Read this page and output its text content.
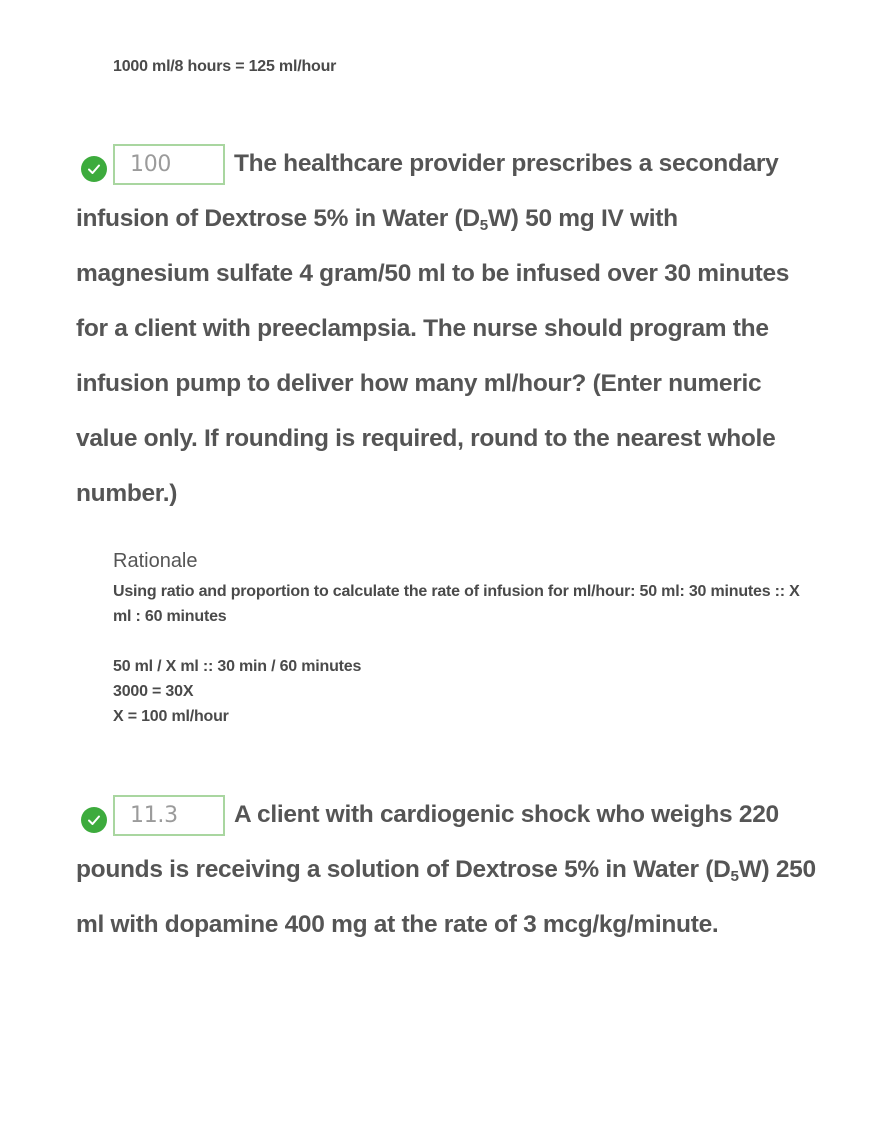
1000 ml/8 hours = 125 ml/hour
100	The healthcare provider prescribes a secondary infusion of Dextrose 5% in Water $(D_5W)$ 50 mg IV with magnesium sulfate 4 gram/50 ml to be infused over 30 minutes for a client with preeclampsia. The nurse should program the infusion pump to deliver how many ml/hour? (Enter numeric value only. If rounding is required, round to the nearest whole number.)
Rationale
Using ratio and proportion to calculate the rate of infusion for ml/hour: 50 ml: 30 minutes :: X ml : 60 minutes
50 ml / X ml :: 30 min / 60 minutes
3000 = 30X
X = 100 ml/hour
11.3	A client with cardiogenic shock who weighs 220 pounds is receiving a solution of Dextrose 5% in Water $(D_5W)$ 250 ml with dopamine 400 mg at the rate of 3 mcg/kg/minute.
